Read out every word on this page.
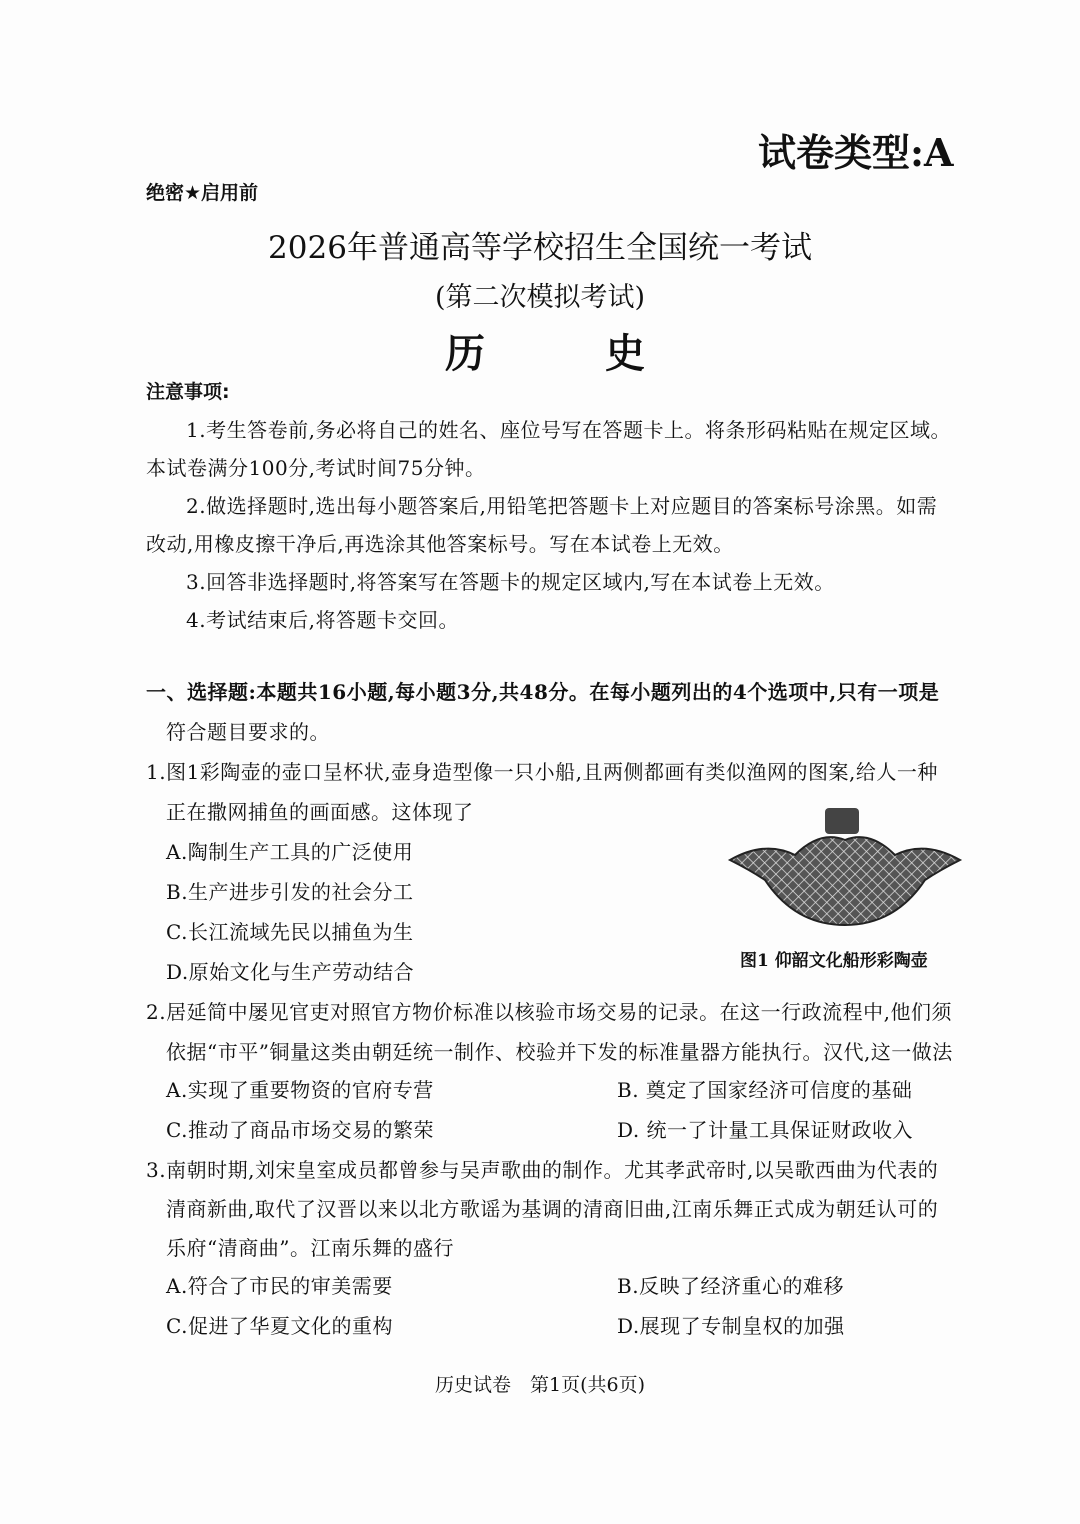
试卷类型:A
绝密★启用前
2026年普通高等学校招生全国统一考试
(第二次模拟考试)
历　史
注意事项:
1.考生答卷前,务必将自己的姓名、座位号写在答题卡上。将条形码粘贴在规定区域。
本试卷满分100分,考试时间75分钟。
2.做选择题时,选出每小题答案后,用铅笔把答题卡上对应题目的答案标号涂黑。如需
改动,用橡皮擦干净后,再选涂其他答案标号。写在本试卷上无效。
3.回答非选择题时,将答案写在答题卡的规定区域内,写在本试卷上无效。
4.考试结束后,将答题卡交回。
一、选择题:本题共16小题,每小题3分,共48分。在每小题列出的4个选项中,只有一项是
符合题目要求的。
1.图1彩陶壶的壶口呈杯状,壶身造型像一只小船,且两侧都画有类似渔网的图案,给人一种
正在撒网捕鱼的画面感。这体现了
A.陶制生产工具的广泛使用
B.生产进步引发的社会分工
C.长江流域先民以捕鱼为生
D.原始文化与生产劳动结合	图1 仰韶文化船形彩陶壶
2.居延简中屡见官吏对照官方物价标准以核验市场交易的记录。在这一行政流程中,他们须
依据“市平”铜量这类由朝廷统一制作、校验并下发的标准量器方能执行。汉代,这一做法
A.实现了重要物资的官府专营	B. 奠定了国家经济可信度的基础
C.推动了商品市场交易的繁荣	D. 统一了计量工具保证财政收入
3.南朝时期,刘宋皇室成员都曾参与吴声歌曲的制作。尤其孝武帝时,以吴歌西曲为代表的
清商新曲,取代了汉晋以来以北方歌谣为基调的清商旧曲,江南乐舞正式成为朝廷认可的
乐府“清商曲”。江南乐舞的盛行
A.符合了市民的审美需要	B.反映了经济重心的难移
C.促进了华夏文化的重构	D.展现了专制皇权的加强
历史试卷　第1页(共6页)
